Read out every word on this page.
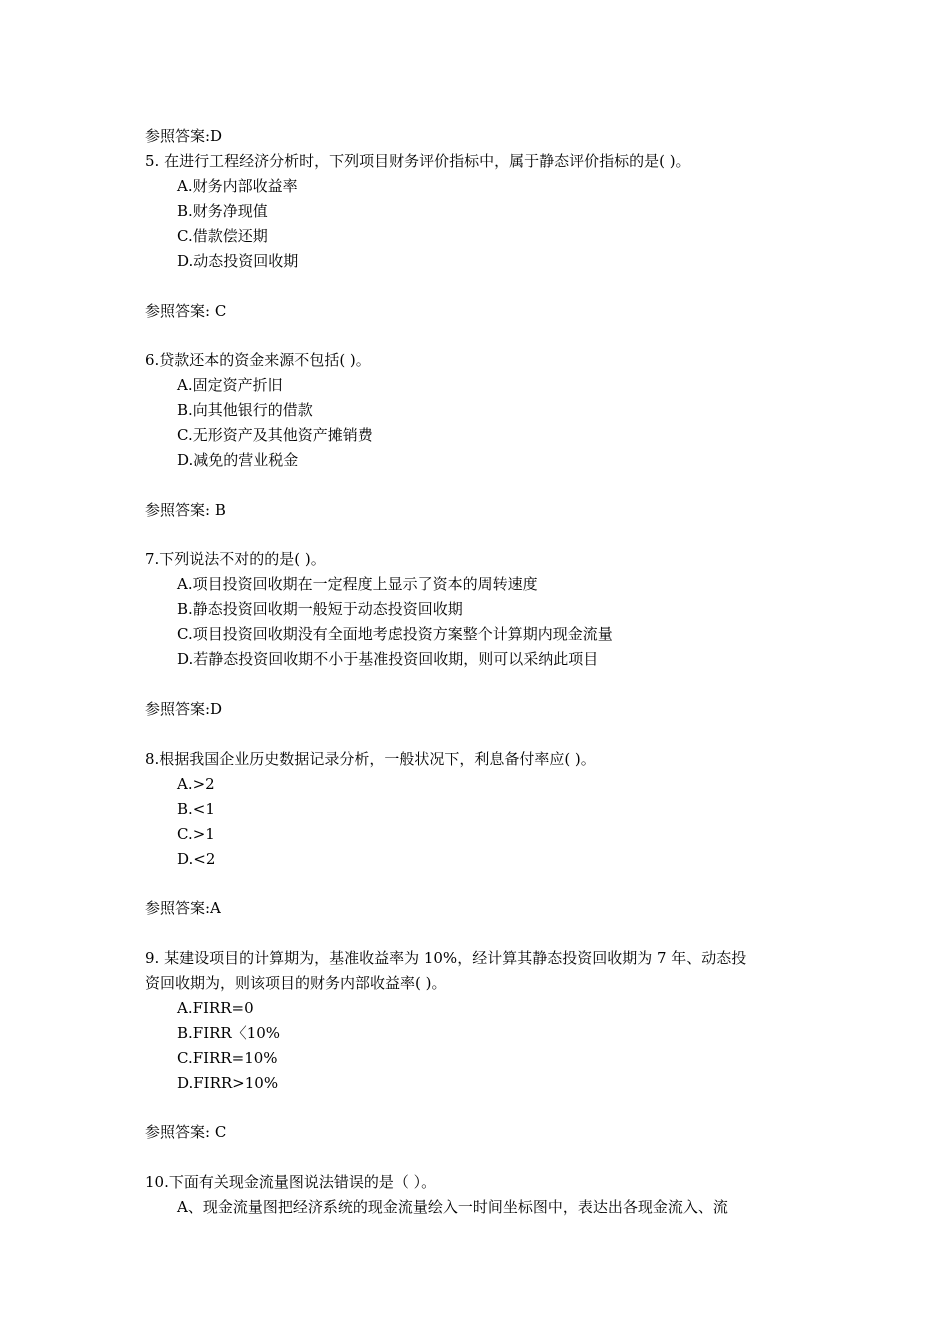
参照答案:D
5. 在进行工程经济分析时，下列项目财务评价指标中，属于静态评价指标的是( )。
A.财务内部收益率
B.财务净现值
C.借款偿还期
D.动态投资回收期
参照答案: C
6.贷款还本的资金来源不包括( )。
A.固定资产折旧
B.向其他银行的借款
C.无形资产及其他资产摊销费
D.减免的营业税金
参照答案: B
7.下列说法不对的的是( )。
A.项目投资回收期在一定程度上显示了资本的周转速度
B.静态投资回收期一般短于动态投资回收期
C.项目投资回收期没有全面地考虑投资方案整个计算期内现金流量
D.若静态投资回收期不小于基准投资回收期，则可以采纳此项目
参照答案:D
8.根据我国企业历史数据记录分析，一般状况下，利息备付率应( )。
A.>2
B.<1
C.>1
D.<2
参照答案:A
9. 某建设项目的计算期为，基准收益率为 10%，经计算其静态投资回收期为 7 年、动态投
资回收期为，则该项目的财务内部收益率( )。
A.FIRR=0
B.FIRR〈10%
C.FIRR=10%
D.FIRR>10%
参照答案: C
10.下面有关现金流量图说法错误的是（ ）。
A、现金流量图把经济系统的现金流量绘入一时间坐标图中，表达出各现金流入、流
